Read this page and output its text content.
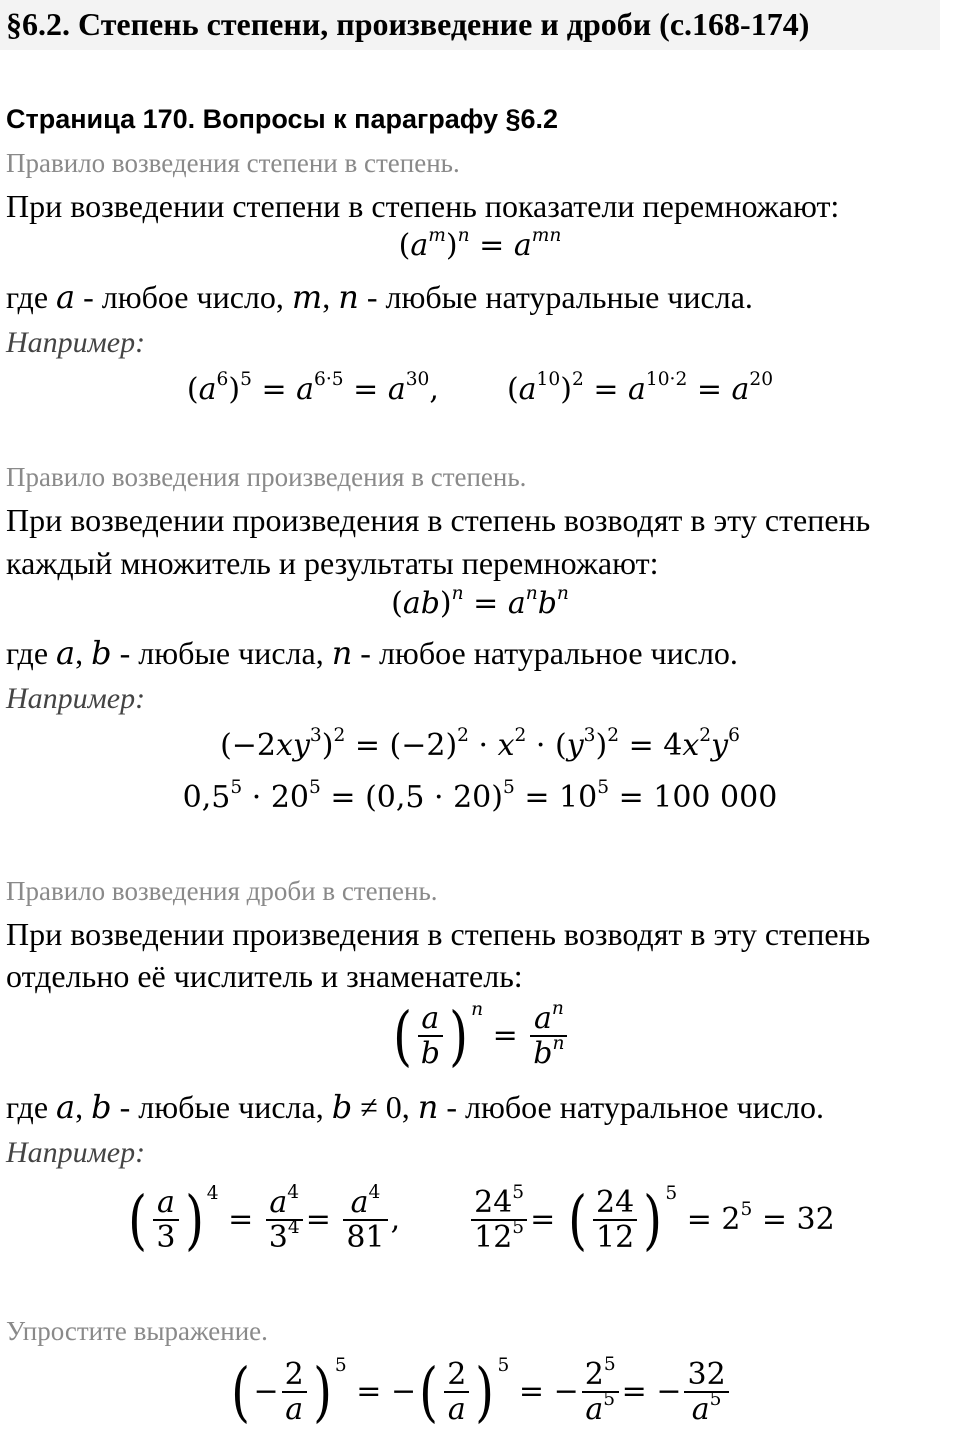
§6.2. Степень степени, произведение и дроби (с.168-174)
Страница 170. Вопросы к параграфу §6.2
Правило возведения степени в степень.
При возведении степени в степень показатели перемножают:
$(a^m)^n = a^{mn}$
где a - любое число, m, n - любые натуральные числа.
Например:
$(a^6)^5 = a^{6\cdot 5} = a^{30}$, $(a^{10})^2 = a^{10\cdot 2} = a^{20}$
Правило возведения произведения в степень.
При возведении произведения в степень возводят в эту степень
каждый множитель и результаты перемножают:
$(ab)^n = a^nb^n$
где a, b - любые числа, n - любое натуральное число.
Например:
$(-2xy^3)^2 = (-2)^2 \cdot x^2 \cdot (y^3)^2 = 4x^2y^6$
$0,5^5 \cdot 20^5 = (0,5 \cdot 20)^5 = 10^5 = 100$ 000
Правило возведения дроби в степень.
При возведении произведения в степень возводят в эту степень
отдельно её числитель и знаменатель:
( $\frac{a}{b}$ ) $^n = \frac{a^n}{b^n}$
где a, b - любые числа, b ≠ 0, n - любое натуральное число.
Например:
( $\frac{a}{3}$ ) $^4 = \frac{a^4}{3^4} = \frac{a^4}{81}$ , $\frac{24^5}{12^5}$ = ( $\frac{24}{12}$ ) $^5 = 2^5 = 32$
Упростите выражение.
( − $\frac{2}{a}$ ) $^5$ = −( $\frac{2}{a}$ ) $^5$ = − $\frac{2^5}{a^5}$ = − $\frac{32}{a^5}$
